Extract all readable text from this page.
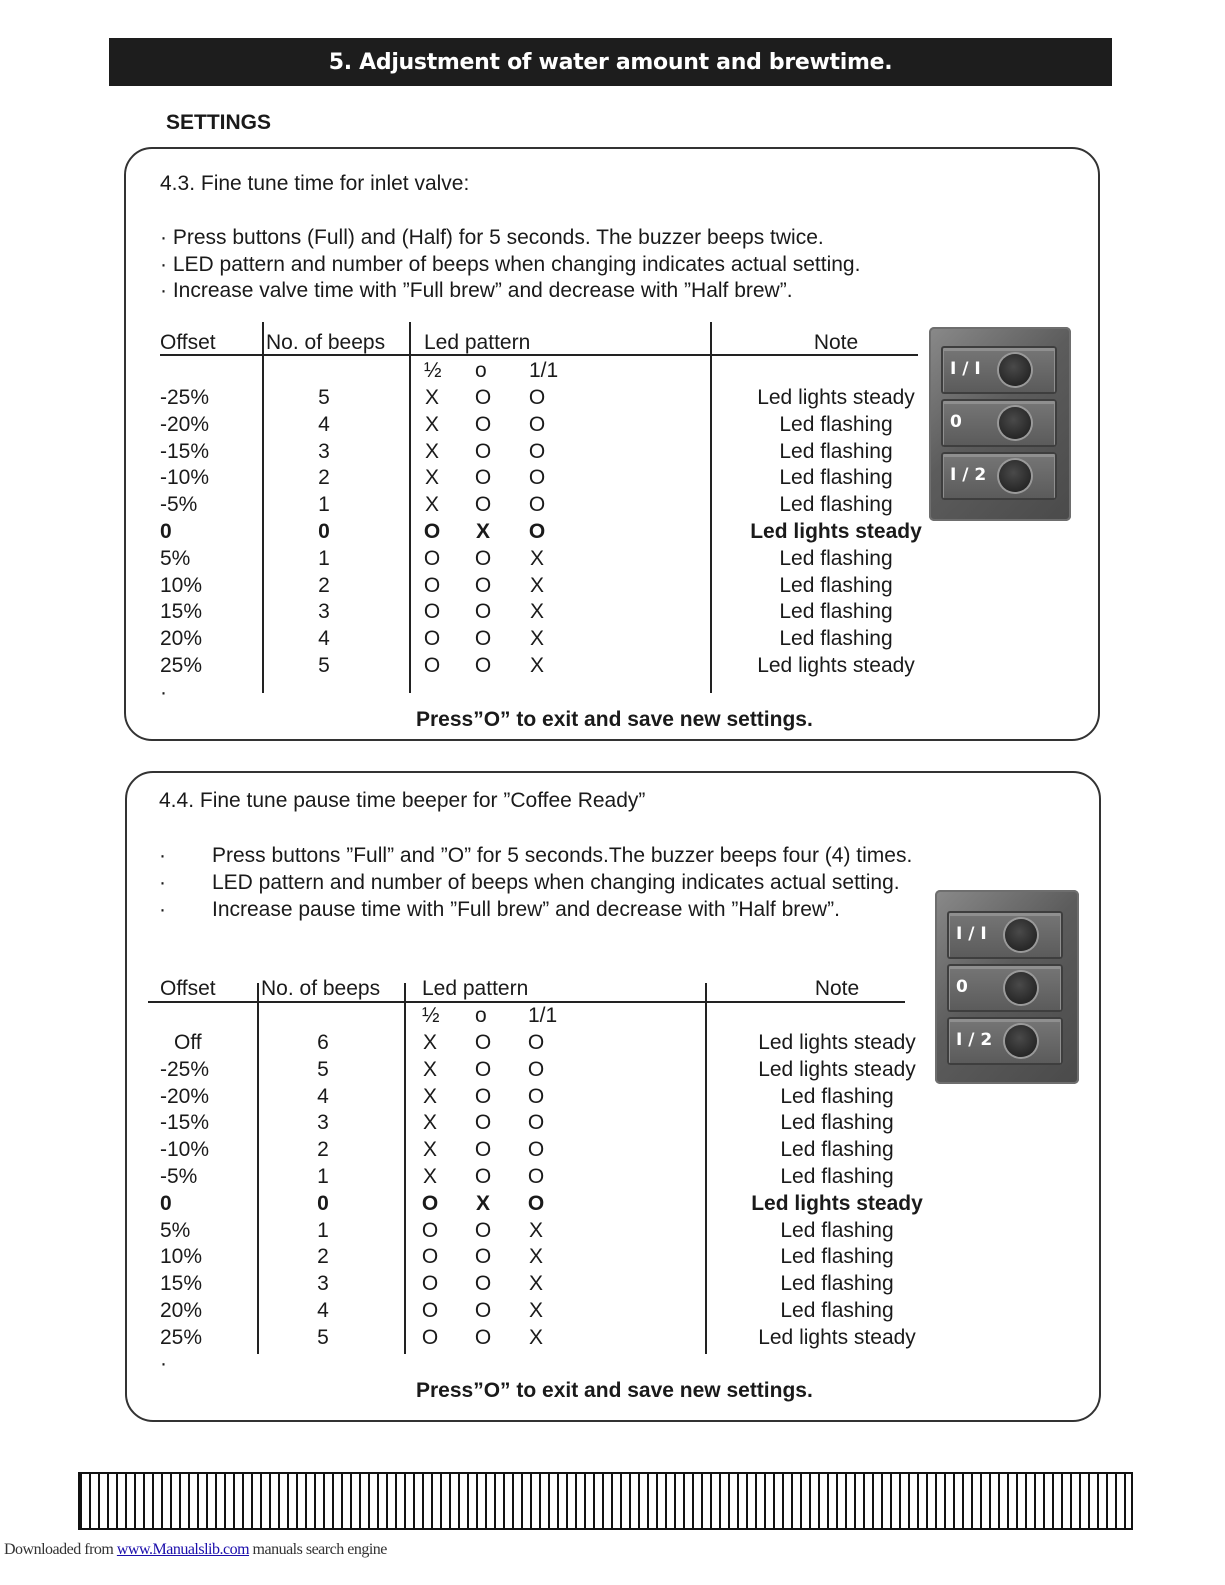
5. Adjustment of water amount and brewtime.
SETTINGS
4.3. Fine tune time for inlet valve:
· Press buttons (Full) and (Half) for 5 seconds. The buzzer beeps twice.
· LED pattern and number of beeps when changing indicates actual setting.
· Increase valve time with ”Full brew” and decrease with ”Half brew”.
4.4. Fine tune pause time beeper for ”Coffee Ready”
· Press buttons ”Full” and ”O” for 5 seconds.The buzzer beeps four (4) times.
· LED pattern and number of beeps when changing indicates actual setting.
· Increase pause time with ”Full brew” and decrease with ”Half brew”.
Offset No. of beeps Led pattern	Note
½ o 1/1
-25%	5	X O O	Led lights steady
-20%	4	X O O	Led flashing
-15%	3	X O O	Led flashing
-10%	2	X O O	Led flashing
-5%	1	X O O	Led flashing
0	0	O X O	Led lights steady
5%	1	O O X	Led flashing
10%	2	O O X	Led flashing
15%	3	O O X	Led flashing
20%	4	O O X	Led flashing
25%	5	O O X	Led lights steady
·
Offset No. of beeps Led pattern	Note
½ o 1/1
Off	6	X O O	Led lights steady
-25%	5	X O O	Led lights steady
-20%	4	X O O	Led flashing
-15%	3	X O O	Led flashing
-10%	2	X O O	Led flashing
-5%	1	X O O	Led flashing
0	0	O X O	Led lights steady
5%	1	O O X	Led flashing
10%	2	O O X	Led flashing
15%	3	O O X	Led flashing
20%	4	O O X	Led flashing
25%	5	O O X	Led lights steady
·
Press”O” to exit and save new settings.
Press”O” to exit and save new settings.
I / I
0
I / 2
I / I
0
I / 2
Downloaded from www.Manualslib.com manuals search engine
